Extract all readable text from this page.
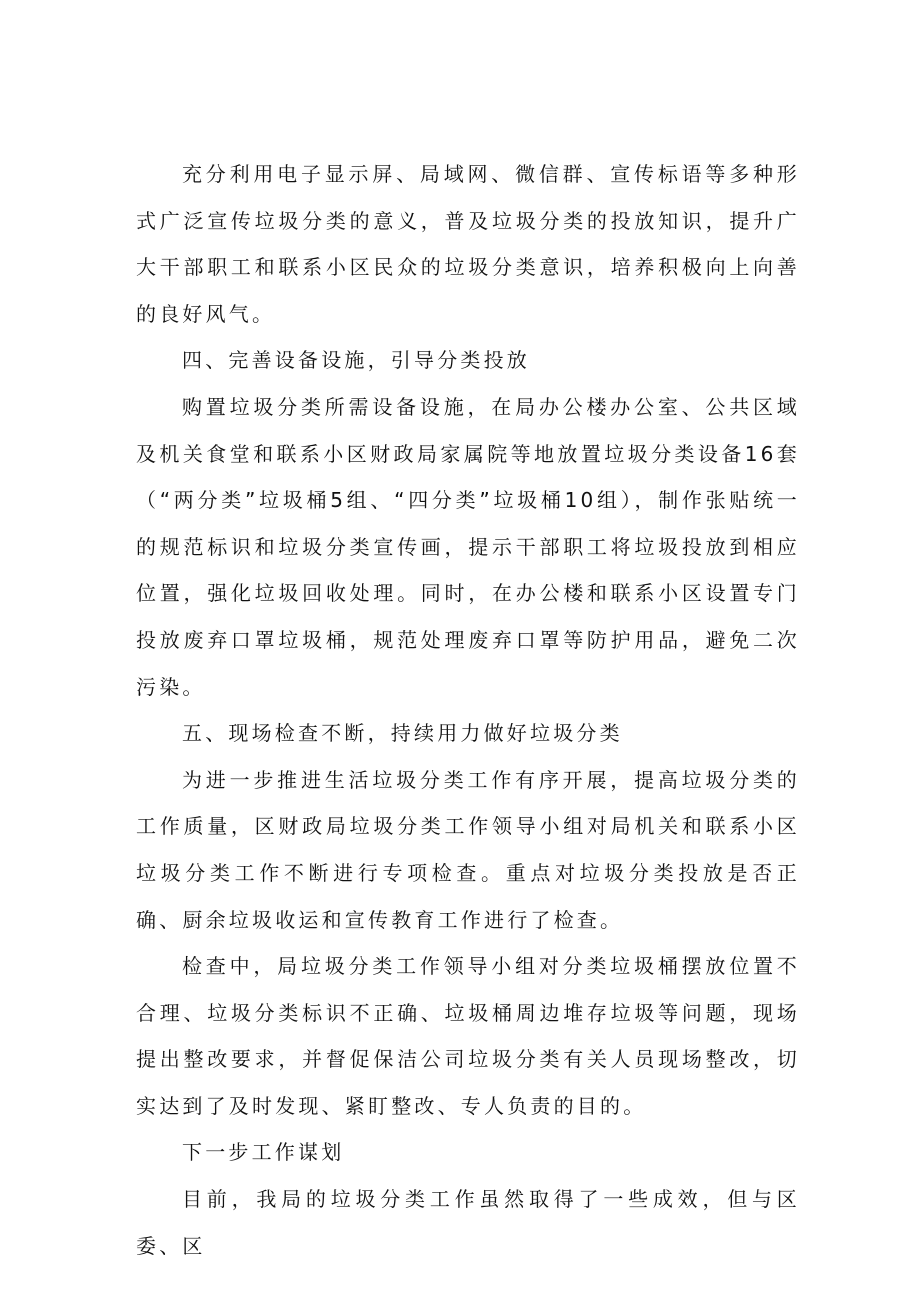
充分利用电子显示屏、局域网、微信群、宣传标语等多种形式广泛宣传垃圾分类的意义，普及垃圾分类的投放知识，提升广大干部职工和联系小区民众的垃圾分类意识，培养积极向上向善的良好风气。

四、完善设备设施，引导分类投放

购置垃圾分类所需设备设施，在局办公楼办公室、公共区域及机关食堂和联系小区财政局家属院等地放置垃圾分类设备16套（“两分类”垃圾桶5组、“四分类”垃圾桶10组），制作张贴统一的规范标识和垃圾分类宣传画，提示干部职工将垃圾投放到相应位置，强化垃圾回收处理。同时，在办公楼和联系小区设置专门投放废弃口罩垃圾桶，规范处理废弃口罩等防护用品，避免二次污染。

五、现场检查不断，持续用力做好垃圾分类

为进一步推进生活垃圾分类工作有序开展，提高垃圾分类的工作质量，区财政局垃圾分类工作领导小组对局机关和联系小区垃圾分类工作不断进行专项检查。重点对垃圾分类投放是否正确、厨余垃圾收运和宣传教育工作进行了检查。

检查中，局垃圾分类工作领导小组对分类垃圾桶摆放位置不合理、垃圾分类标识不正确、垃圾桶周边堆存垃圾等问题，现场提出整改要求，并督促保洁公司垃圾分类有关人员现场整改，切实达到了及时发现、紧盯整改、专人负责的目的。

下一步工作谋划

目前，我局的垃圾分类工作虽然取得了一些成效，但与区委、区
